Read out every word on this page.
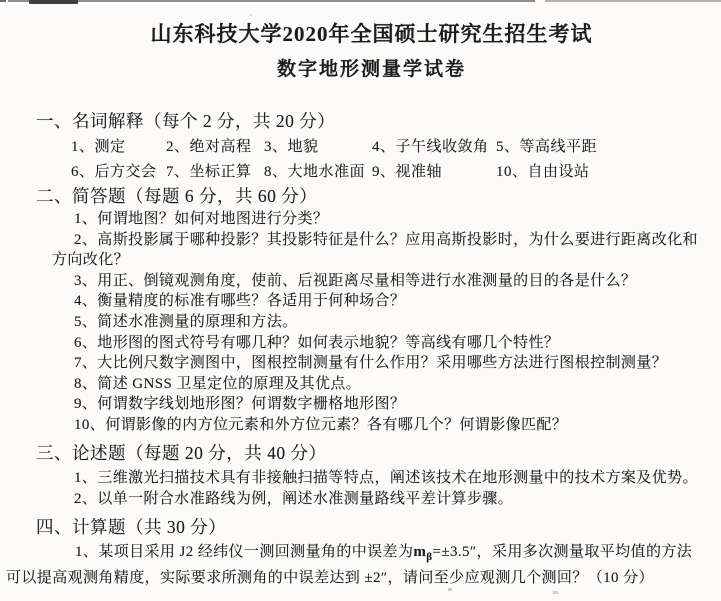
山东科技大学2020年全国硕士研究生招生考试
数字地形测量学试卷

一、名词解释（每个 2 分，共 20 分）

1、测定	2、绝对高程 3、地貌	4、子午线收敛角 5、等高线平距
6、后方交会 7、坐标正算 8、大地水准面 9、视准轴	10、自由设站

二、简答题（每题 6 分，共 60 分）

1、何谓地图？如何对地图进行分类？

2、高斯投影属于哪种投影？其投影特征是什么？应用高斯投影时，为什么要进行距离改化和方向改化？

3、用正、倒镜观测角度，使前、后视距离尽量相等进行水准测量的目的各是什么？

4、衡量精度的标准有哪些？各适用于何种场合？

5、简述水准测量的原理和方法。

6、地形图的图式符号有哪几种？如何表示地貌？等高线有哪几个特性？

7、大比例尺数字测图中，图根控制测量有什么作用？采用哪些方法进行图根控制测量？

8、简述 GNSS 卫星定位的原理及其优点。

9、何谓数字线划地形图？何谓数字栅格地形图？

10、何谓影像的内方位元素和外方位元素？各有哪几个？何谓影像匹配？

三、论述题（每题 20 分，共 40 分）

1、三维激光扫描技术具有非接触扫描等特点，阐述该技术在地形测量中的技术方案及优势。

2、以单一附合水准路线为例，阐述水准测量路线平差计算步骤。

四、计算题（共 30 分）

1、某项目采用 J2 经纬仪一测回测量角的中误差为$m_\beta=\pm 3.5''$，采用多次测量取平均值的方法可以提高观测角精度，实际要求所测角的中误差达到 ±2″，请问至少应观测几个测回？（10 分）
